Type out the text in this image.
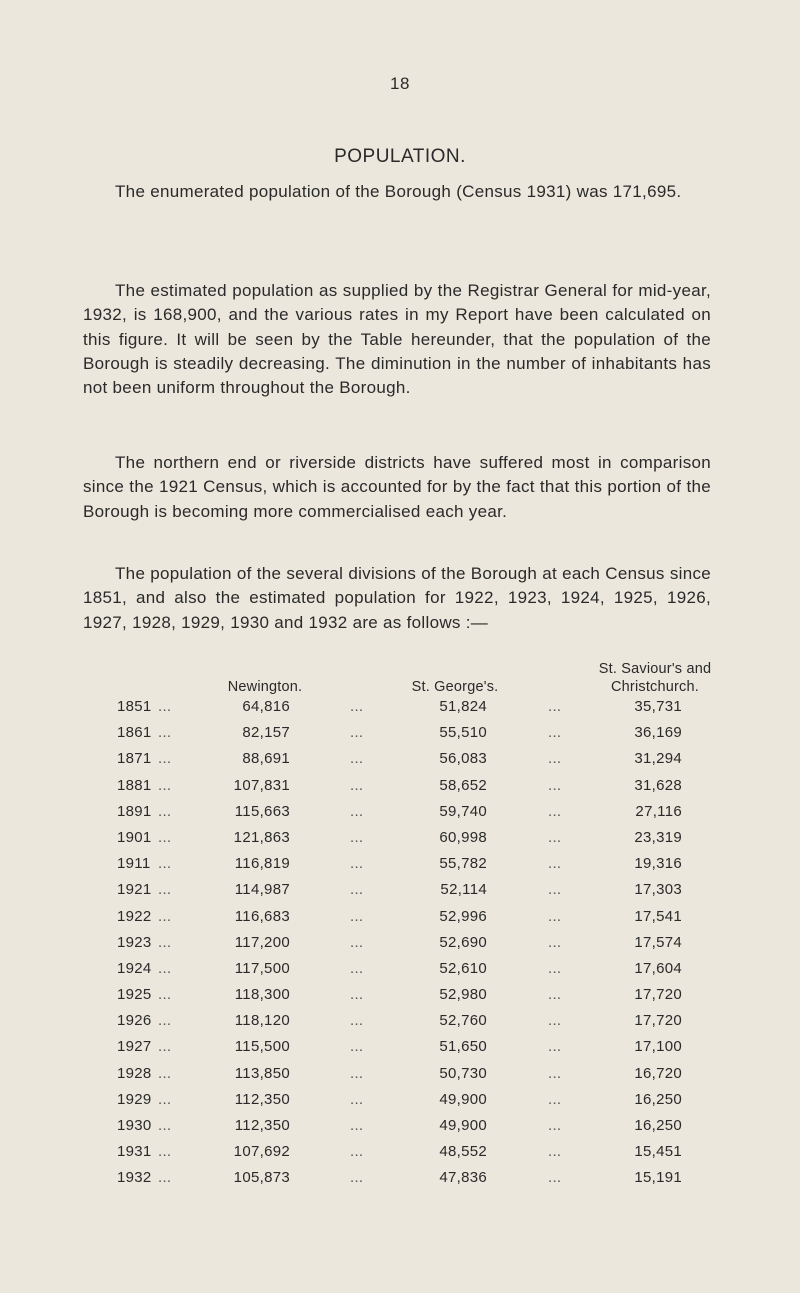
18
POPULATION.

The enumerated population of the Borough (Census 1931) was 171,695.

The estimated population as supplied by the Registrar General for mid-year, 1932, is 168,900, and the various rates in my Report have been calculated on this figure. It will be seen by the Table hereunder, that the population of the Borough is steadily decreasing. The diminution in the number of inhabitants has not been uniform throughout the Borough.

The northern end or riverside districts have suffered most in comparison since the 1921 Census, which is accounted for by the fact that this portion of the Borough is becoming more commercialised each year.

The population of the several divisions of the Borough at each Census since 1851, and also the estimated population for 1922, 1923, 1924, 1925, 1926, 1927, 1928, 1929, 1930 and 1932 are as follows :—

Newington.	St. George's.
St. Saviour's and Christchurch.
1851 ...	64,816	...	51,824	...	35,731
1861 ...	82,157	...	55,510	...	36,169
1871 ...	88,691	...	56,083	...	31,294
1881 ...	107,831	...	58,652	...	31,628
1891 ...	115,663	...	59,740	...	27,116
1901 ...	121,863	...	60,998	...	23,319
1911 ...	116,819	...	55,782	...	19,316
1921 ...	114,987	...	52,114	...	17,303
1922 ...	116,683	...	52,996	...	17,541
1923 ...	117,200	...	52,690	...	17,574
1924 ...	117,500	...	52,610	...	17,604
1925 ...	118,300	...	52,980	...	17,720
1926 ...	118,120	...	52,760	...	17,720
1927 ...	115,500	...	51,650	...	17,100
1928 ...	113,850	...	50,730	...	16,720
1929 ...	112,350	...	49,900	...	16,250
1930 ...	112,350	...	49,900	...	16,250
1931 ...	107,692	...	48,552	...	15,451
1932 ...	105,873	...	47,836	...	15,191
